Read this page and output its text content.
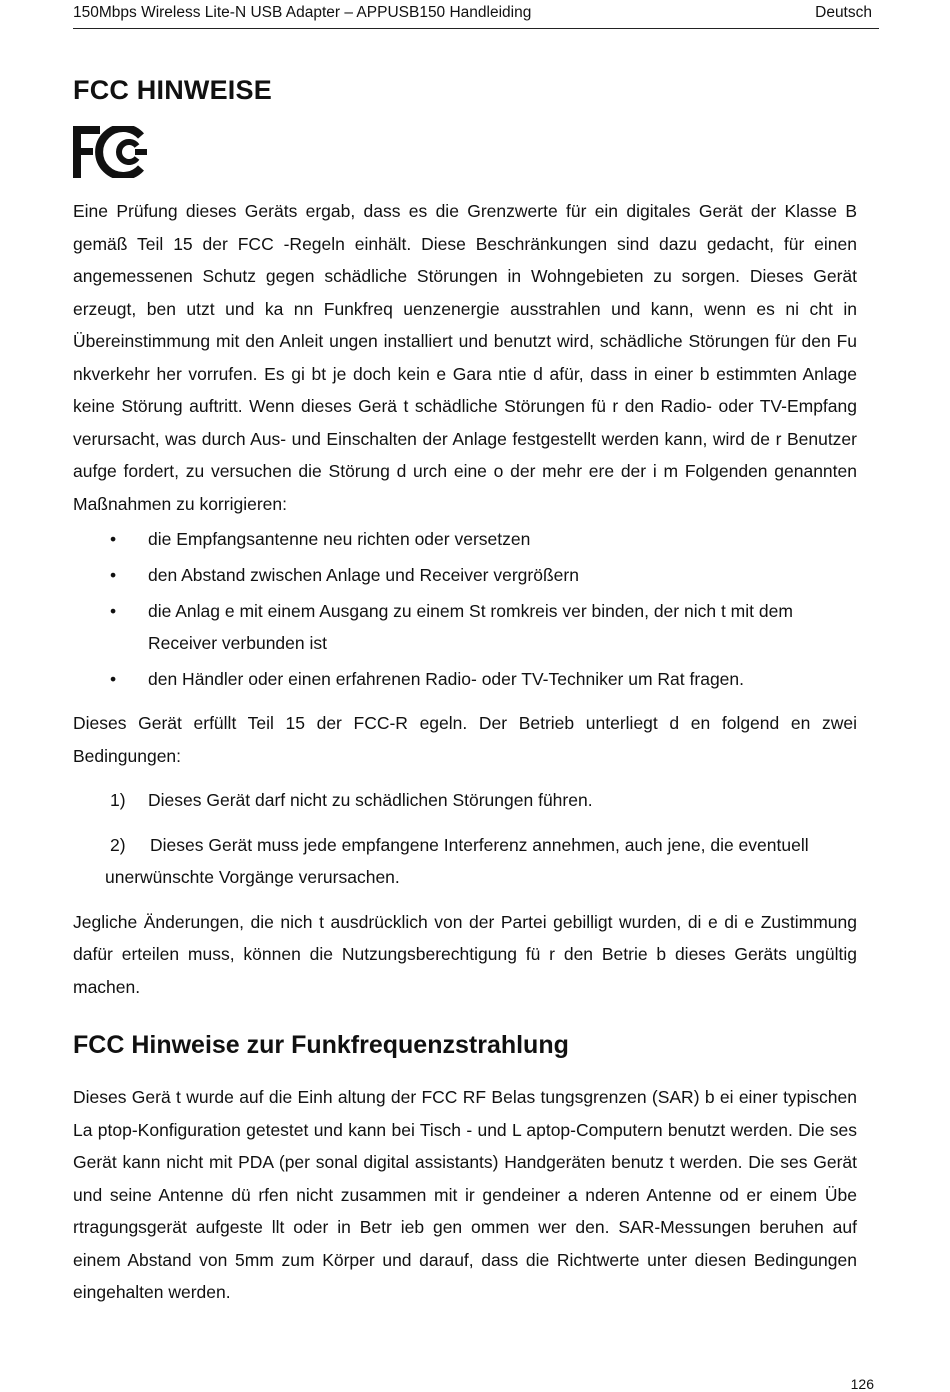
150Mbps Wireless Lite-N USB Adapter – APPUSB150 Handleiding	Deutsch
FCC HINWEISE

Eine Prüfung dieses Geräts ergab, dass es die Grenzwerte für ein digitales Gerät der Klasse B gemäß Teil 15 der FCC -Regeln einhält. Diese Beschränkungen sind dazu gedacht, für einen angemessenen Schutz gegen schädliche Störungen in Wohngebieten zu sorgen. Dieses Gerät erzeugt, ben utzt und ka nn Funkfreq uenzenergie ausstrahlen und kann, wenn es ni cht in Übereinstimmung mit den Anleit ungen installiert und benutzt wird, schädliche Störungen für den Fu nkverkehr her vorrufen. Es gi bt je doch kein e Gara ntie d afür, dass in einer b estimmten Anlage keine Störung auftritt. Wenn dieses Gerä t schädliche Störungen fü r den Radio- oder TV-Empfang verursacht, was durch Aus- und Einschalten der Anlage festgestellt werden kann, wird de r Benutzer aufge fordert, zu versuchen die Störung d urch eine o der mehr ere der i m Folgenden genannten Maßnahmen zu korrigieren:

• die Empfangsantenne neu richten oder versetzen
• den Abstand zwischen Anlage und Receiver vergrößern
• die Anlag e mit einem Ausgang zu einem St romkreis ver binden, der nich t mit dem Receiver verbunden ist
• den Händler oder einen erfahrenen Radio- oder TV-Techniker um Rat fragen.

Dieses Gerät erfüllt Teil 15 der FCC-R egeln. Der Betrieb unterliegt d en folgend en zwei Bedingungen:

1) Dieses Gerät darf nicht zu schädlichen Störungen führen.
2) Dieses Gerät muss jede empfangene Interferenz annehmen, auch jene, die eventuell unerwünschte Vorgänge verursachen.

Jegliche Änderungen, die nich t ausdrücklich von der Partei gebilligt wurden, di e di e Zustimmung dafür erteilen muss, können die Nutzungsberechtigung fü r den Betrie b dieses Geräts ungültig machen.

FCC Hinweise zur Funkfrequenzstrahlung

Dieses Gerä t wurde auf die Einh altung der FCC RF Belas tungsgrenzen (SAR) b ei einer typischen La ptop-Konfiguration getestet und kann bei Tisch - und L aptop-Computern benutzt werden. Die ses Gerät kann nicht mit PDA (per sonal digital assistants) Handgeräten benutz t werden. Die ses Gerät und seine Antenne dü rfen nicht zusammen mit ir gendeiner a nderen Antenne od er einem Übe rtragungsgerät aufgeste llt oder in Betr ieb gen ommen wer den. SAR-Messungen beruhen auf einem Abstand von 5mm zum Körper und darauf, dass die Richtwerte unter diesen Bedingungen eingehalten werden.

126
